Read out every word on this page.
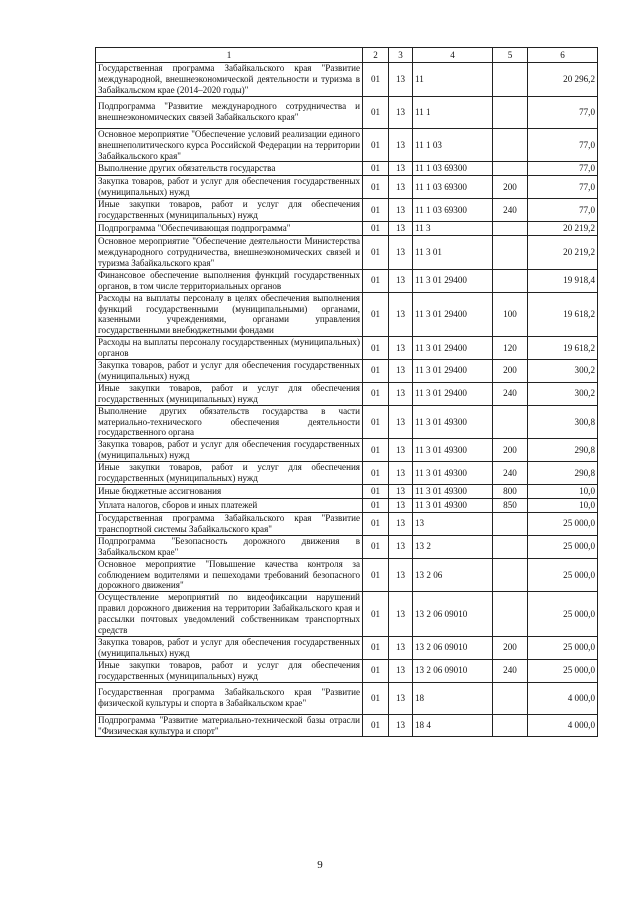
1	2	3	4	5	6
Государственная программа Забайкальского края "Развитие международной, внешнеэкономической деятельности и туризма в Забайкальском крае (2014–2020 годы)"	01	13	11		20 296,2
Подпрограмма "Развитие международного сотрудничества и внешнеэкономических связей Забайкальского края"	01	13	11 1		77,0
Основное мероприятие "Обеспечение условий реализации единого внешнеполитического курса Российской Федерации на территории Забайкальского края"	01	13	11 1 03		77,0
Выполнение других обязательств государства	01	13	11 1 03 69300		77,0
Закупка товаров, работ и услуг для обеспечения государственных (муниципальных) нужд	01	13	11 1 03 69300	200	77,0
Иные закупки товаров, работ и услуг для обеспечения государственных (муниципальных) нужд	01	13	11 1 03 69300	240	77,0
Подпрограмма "Обеспечивающая подпрограмма"	01	13	11 3		20 219,2
Основное мероприятие "Обеспечение деятельности Министерства международного сотрудничества, внешнеэкономических связей и туризма Забайкальского края"	01	13	11 3 01		20 219,2
Финансовое обеспечение выполнения функций государственных органов, в том числе территориальных органов	01	13	11 3 01 29400		19 918,4
Расходы на выплаты персоналу в целях обеспечения выполнения функций государственными (муниципальными) органами, казенными учреждениями, органами управления государственными внебюджетными фондами	01	13	11 3 01 29400	100	19 618,2
Расходы на выплаты персоналу государственных (муниципальных) органов	01	13	11 3 01 29400	120	19 618,2
Закупка товаров, работ и услуг для обеспечения государственных (муниципальных) нужд	01	13	11 3 01 29400	200	300,2
Иные закупки товаров, работ и услуг для обеспечения государственных (муниципальных) нужд	01	13	11 3 01 29400	240	300,2
Выполнение других обязательств государства в части материально-технического обеспечения деятельности государственного органа	01	13	11 3 01 49300		300,8
Закупка товаров, работ и услуг для обеспечения государственных (муниципальных) нужд	01	13	11 3 01 49300	200	290,8
Иные закупки товаров, работ и услуг для обеспечения государственных (муниципальных) нужд	01	13	11 3 01 49300	240	290,8
Иные бюджетные ассигнования	01	13	11 3 01 49300	800	10,0
Уплата налогов, сборов и иных платежей	01	13	11 3 01 49300	850	10,0
Государственная программа Забайкальского края "Развитие транспортной системы Забайкальского края"	01	13	13		25 000,0
Подпрограмма "Безопасность дорожного движения в Забайкальском крае"	01	13	13 2		25 000,0
Основное мероприятие "Повышение качества контроля за соблюдением водителями и пешеходами требований безопасного дорожного движения"	01	13	13 2 06		25 000,0
Осуществление мероприятий по видеофиксации нарушений правил дорожного движения на территории Забайкальского края и рассылки почтовых уведомлений собственникам транспортных средств	01	13	13 2 06 09010		25 000,0
Закупка товаров, работ и услуг для обеспечения государственных (муниципальных) нужд	01	13	13 2 06 09010	200	25 000,0
Иные закупки товаров, работ и услуг для обеспечения государственных (муниципальных) нужд	01	13	13 2 06 09010	240	25 000,0
Государственная программа Забайкальского края "Развитие физической культуры и спорта в Забайкальском крае"	01	13	18		4 000,0
Подпрограмма "Развитие материально-технической базы отрасли "Физическая культура и спорт"	01	13	18 4		4 000,0
9
